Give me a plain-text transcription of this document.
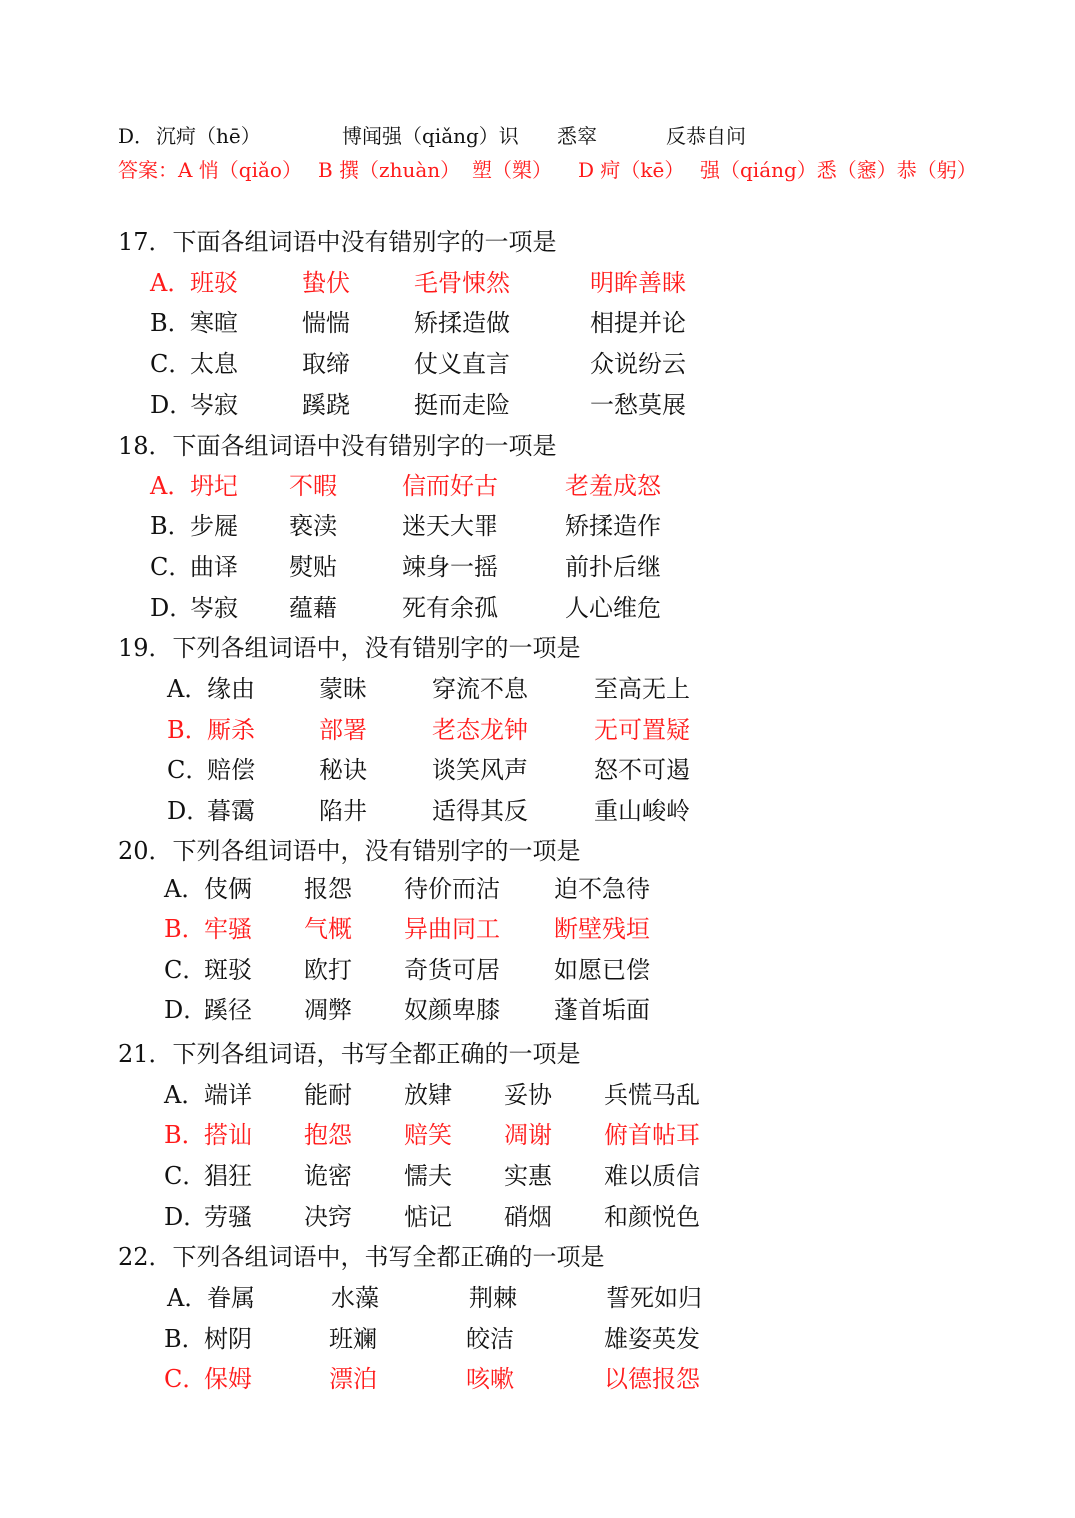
D． 沉疴（hē）	博闻强（qiǎng）识 悉窣	反恭自问
答案：A 悄（qiǎo） B 撰（zhuàn） 塑（槊） D 疴（kē） 强（qiáng）悉（窸）恭（躬）
17．下面各组词语中没有错别字的一项是
A．
班驳	蛰伏	毛骨悚然	明眸善睐
B．
寒暄	惴惴	矫揉造做	相提并论
C．
太息	取缔	仗义直言	众说纷云
D．
岑寂	蹊跷	挺而走险	一愁莫展
18．下面各组词语中没有错别字的一项是
A．
坍圮 不暇	信而好古	老羞成怒
B．
步屣 亵渎	迷天大罪	矫揉造作
C．
曲译 熨贴	竦身一摇	前扑后继
D．
岑寂 蕴藉	死有余孤	人心维危
19．下列各组词语中，没有错别字的一项是
A．
缘由	蒙昧	穿流不息	至高无上
B．
厮杀	部署	老态龙钟	无可置疑
C．
赔偿	秘诀	谈笑风声	怒不可遏
D．
暮霭	陷井	适得其反	重山峻岭
20．下列各组词语中，没有错别字的一项是
A．
伎俩 报怨 待价而沽 迫不急待
B．
牢骚 气概 异曲同工 断壁残垣
C．
斑驳 欧打 奇货可居 如愿已偿
D．
蹊径 凋弊 奴颜卑膝 蓬首垢面
21．下列各组词语，书写全都正确的一项是
A．
端详 能耐 放肄 妥协 兵慌马乱
B．
搭讪 抱怨 赔笑 凋谢 俯首帖耳
C．
猖狂 诡密 懦夫 实惠 难以质信
D．
劳骚 决窍 惦记 硝烟 和颜悦色
22．下列各组词语中，书写全都正确的一项是
A．
眷属	水藻	荆棘	誓死如归
B．
树阴	班斓	皎洁	雄姿英发
C．
保姆	漂泊	咳嗽	以德报怨
